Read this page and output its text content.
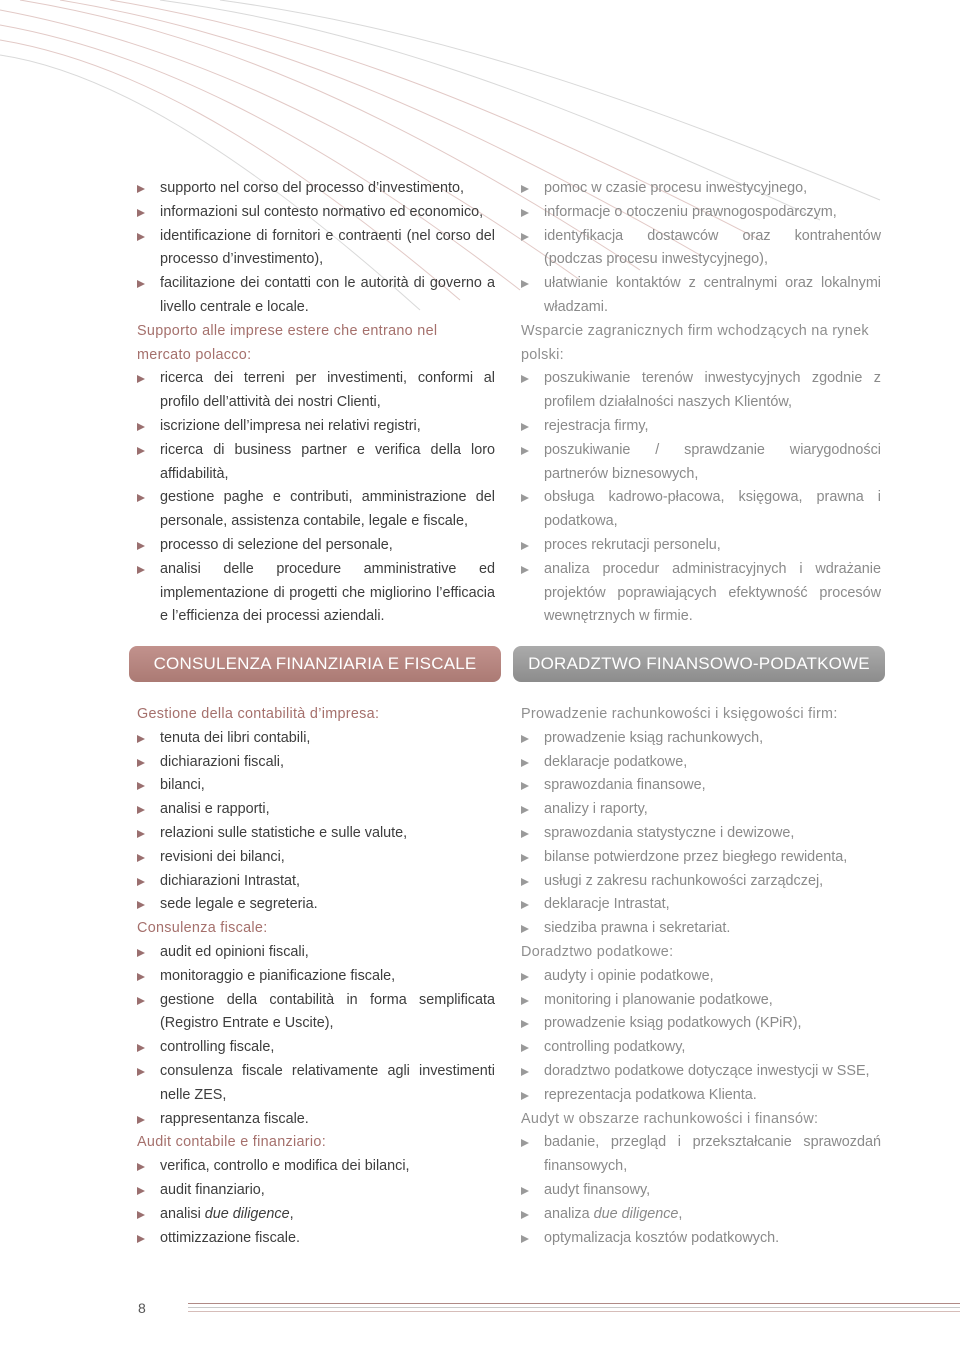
supporto nel corso del processo d’investimento,
informazioni sul contesto normativo ed economico,
identificazione di fornitori e contraenti (nel corso del processo d’investimento),
facilitazione dei contatti con le autorità di governo a livello centrale e locale.
Supporto alle imprese estere che entrano nel mercato polacco:
ricerca dei terreni per investimenti, conformi al profilo dell’attività dei nostri Clienti,
iscrizione dell’impresa nei relativi registri,
ricerca di business partner e verifica della loro affidabilità,
gestione paghe e contributi, amministrazione del personale, assistenza contabile, legale e fiscale,
processo di selezione del personale,
analisi delle procedure amministrative ed implementazione di progetti che migliorino l’efficacia e l’efficienza dei processi aziendali.
pomoc w czasie procesu inwestycyjnego,
informacje o otoczeniu prawnogospodarczym,
identyfikacja dostawców oraz kontrahentów (podczas procesu inwestycyjnego),
ułatwianie kontaktów z centralnymi oraz lokalnymi władzami.
Wsparcie zagranicznych firm wchodzących na rynek polski:
poszukiwanie terenów inwestycyjnych zgodnie z profilem działalności naszych Klientów,
rejestracja firmy,
poszukiwanie / sprawdzanie wiarygodności partnerów biznesowych,
obsługa kadrowo-płacowa, księgowa, prawna i podatkowa,
proces rekrutacji personelu,
analiza procedur administracyjnych i wdrażanie projektów poprawiających efektywność procesów wewnętrznych w firmie.
CONSULENZA FINANZIARIA E FISCALE	DORADZTWO FINANSOWO-PODATKOWE
Gestione della contabilità d’impresa:
tenuta dei libri contabili,
dichiarazioni fiscali,
bilanci,
analisi e rapporti,
relazioni sulle statistiche e sulle valute,
revisioni dei bilanci,
dichiarazioni Intrastat,
sede legale e segreteria.
Consulenza fiscale:
audit ed opinioni fiscali,
monitoraggio e pianificazione fiscale,
gestione della contabilità in forma semplificata (Registro Entrate e Uscite),
controlling fiscale,
consulenza fiscale relativamente agli investimenti nelle ZES,
rappresentanza fiscale.
Audit contabile e finanziario:
verifica, controllo e modifica dei bilanci,
audit finanziario,
analisi due diligence,
ottimizzazione fiscale.
Prowadzenie rachunkowości i księgowości firm:
prowadzenie ksiąg rachunkowych,
deklaracje podatkowe,
sprawozdania finansowe,
analizy i raporty,
sprawozdania statystyczne i dewizowe,
bilanse potwierdzone przez biegłego rewidenta,
usługi z zakresu rachunkowości zarządczej,
deklaracje Intrastat,
siedziba prawna i sekretariat.
Doradztwo podatkowe:
audyty i opinie podatkowe,
monitoring i planowanie podatkowe,
prowadzenie ksiąg podatkowych (KPiR),
controlling podatkowy,
doradztwo podatkowe dotyczące inwestycji w SSE,
reprezentacja podatkowa Klienta.
Audyt w obszarze rachunkowości i finansów:
badanie, przegląd i przekształcanie sprawozdań finansowych,
audyt finansowy,
analiza due diligence,
optymalizacja kosztów podatkowych.
8
